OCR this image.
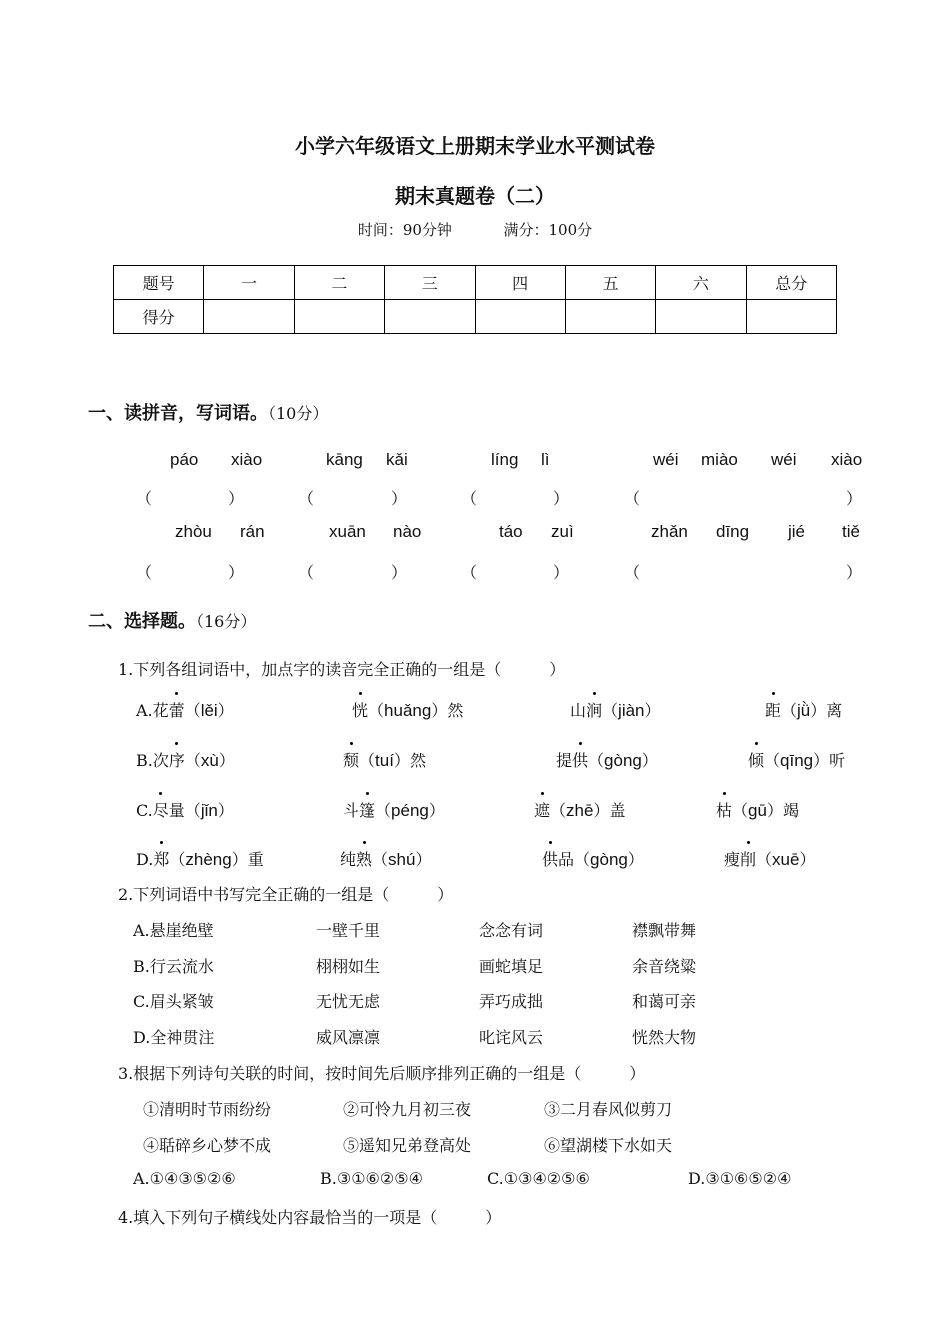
小学六年级语文上册期末学业水平测试卷
期末真题卷（二）
时间：90分钟	满分：100分
题号	一	二	三	四	五	六	总分
得分							
一、读拼音，写词语。（10分）
páo xiào	kāng kǎi	líng lì	wéi miào wéi xiào
（	）	（	）	（	）	（	）
zhòu rán	xuān nào	táo zuì	zhǎn dīng jié tiě
（	）	（	）	（	）	（	）
二、选择题。（16分）
1.下列各组词语中，加点字的读音完全正确的一组是（　　　）
A.花蕾（lěi）	恍（huǎng）然	山涧（jiàn）	距（jǜ）离
B.次序（xù）	颓（tuí）然	提供（gòng）	倾（qīng）听
C.尽量（jǐn）	斗篷（péng）	遮（zhē）盖	枯（gū）竭
D.郑（zhèng）重	纯熟（shú）	供品（gòng）	瘦削（xuē）
2.下列词语中书写完全正确的一组是（　　　）
A.悬崖绝壁	一壁千里	念念有词	襟飘带舞
B.行云流水	栩栩如生	画蛇填足	余音绕粱
C.眉头紧皱	无忧无虑	弄巧成拙	和蔼可亲
D.全神贯注	威风凛凛	叱诧风云	恍然大物
3.根据下列诗句关联的时间，按时间先后顺序排列正确的一组是（　　　）
①清明时节雨纷纷	②可怜九月初三夜	③二月春风似剪刀
④聒碎乡心梦不成	⑤遥知兄弟登高处	⑥望湖楼下水如天
A.①④③⑤②⑥	B.③①⑥②⑤④	C.①③④②⑤⑥	D.③①⑥⑤②④
4.填入下列句子横线处内容最恰当的一项是（　　　）
